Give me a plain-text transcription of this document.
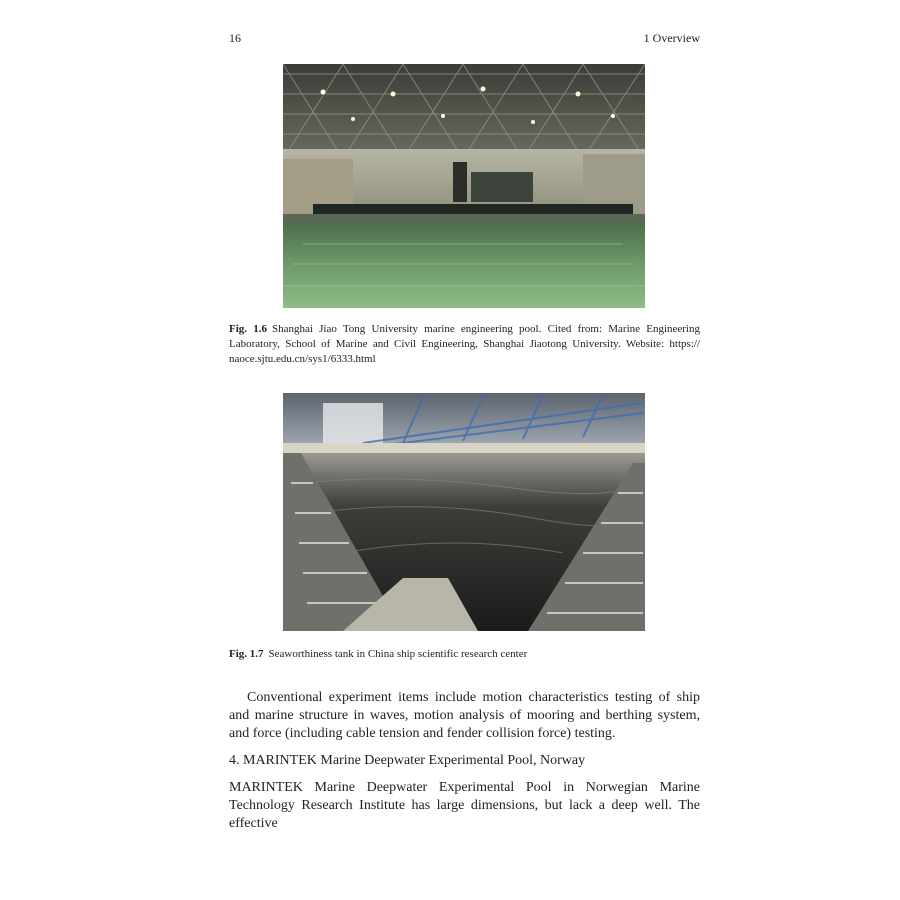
16	1 Overview
Fig. 1.6 Shanghai Jiao Tong University marine engineering pool. Cited from: Marine Engineering Laboratory, School of Marine and Civil Engineering, Shanghai Jiaotong University. Website: https:// naoce.sjtu.edu.cn/sys1/6333.html
Fig. 1.7 Seaworthiness tank in China ship scientific research center
Conventional experiment items include motion characteristics testing of ship and marine structure in waves, motion analysis of mooring and berthing system, and force (including cable tension and fender collision force) testing.
4. MARINTEK Marine Deepwater Experimental Pool, Norway
MARINTEK Marine Deepwater Experimental Pool in Norwegian Marine Technology Research Institute has large dimensions, but lack a deep well. The effective
